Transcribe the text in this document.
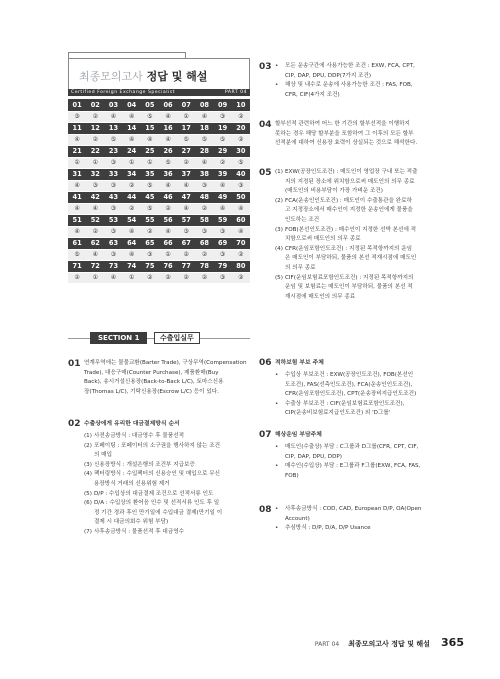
최종모의고사 정답 및 해설
Certified Foreign Exchange Specialist	PART 04
01	02	03	04	05	06	07	08	09	10
③	②	④	④	⑤	④	①	④	③	②
11	12	13	14	15	16	17	18	19	20
④	②	⑤	④	④	④	⑤	⑤	⑤	②
21	22	23	24	25	26	27	28	29	30
①	①	③	①	①	⑤	②	④	②	⑤
31	32	33	34	35	36	37	38	39	40
④	③	③	②	⑤	④	④	③	④	③
41	42	43	44	45	46	47	48	49	50
④	④	③	②	⑤	②	④	②	④	④
51	52	53	54	55	56	57	58	59	60
④	②	③	④	②	④	③	③	③	④
61	62	63	64	65	66	67	68	69	70
⑤	④	③	④	③	①	②	②	③	②
71	72	73	74	75	76	77	78	79	80
②	①	④	①	②	②	②	②	③	②
SECTION 1	수출입실무
01 연계무역에는 물물교환(Barter Trade), 구상무역(Compensation

Trade), 대응구매(Counter Purchase), 제품환매(Buy

Back), 송시거설신용장(Back-to-Back L/C), 토마스신용

장(Thomas L/C), 기탁신용장(Escrow L/C) 등이 있다.

02 수출상에게 유리한 대금결제방식 순서
(1) 사전송금방식 : 대금영수 후 물품선적

(2) 포페이팅 : 포페이터의 소구권을 행사하지 않는 조건

의 매입

(3) 신용장방식 : 개설은행의 조건부 지급보증

(4) 팩터링방식 : 수입팩터의 신용승인 및 매입으로 무신

용장방식 거래의 신용위험 제거

(5) D/P : 수입상의 대금결제 조건으로 선적서류 인도

(6) D/A : 수입상의 환어음 인수 및 선적서류 인도 후 일

정 기간 경과 후인 만기일에 수입대금 결제(만기일 이

결제 시 대금의회수 위험 부담)

(7) 사후송금방식 : 물품선적 후 대금영수

03 • 모든 운송구간에 사용가능한 조건 : EXW, FCA, CPT,

CIP, DAP, DPU, DDP(7가지 조건)

• 해상 및 내수로 운송에 사용가능한 조건 : FAS, FOB,

CFR, CIF(4가지 조건)

04 할부선적 관련하여 어느 한 기간의 할부선적을 이행하지

못하는 경우 해당 할부분을 포함하여 그 이후의 모든 할부

선적분에 대하여 신용장 효력이 상실되는 것으로 해석한다.

05 (1) EXW(공장인도조건) : 매도인이 영업장 구내 또는 적출

지의 지정된 장소에 위치함으로써 매도인의 의무 종료

(매도인의 비용부담이 가장 가벼운 조건)

(2) FCA(운송인인도조건) : 매도인이 수출통관을 완료하

고 지정장소에서 매수인이 지정한 운송인에게 물품을

인도하는 조건

(3) FOB(본선인도조건) : 매수인이 지정한 선박 본선에 적

치함으로써 매도인의 의무 종료

(4) CFR(운임포함인도조건) : 지정된 목적항까지의 운임

은 매도인이 부담하되, 물품의 본선 적재시점에 매도인

의 의무 종료

(5) CIF(운임보험료포함인도조건) : 지정된 목적항까지의

운임 및 보험료는 매도인이 부담하되, 물품의 본선 적

재시점에 매도인의 의무 종료

06 적하보험 부보 주체
• 수입상 부보조건 : EXW(공장인도조건), FOB(본선인

도조건), FAS(선측인도조건), FCA(운송인인도조건),

CFR(운임포함인도조건), CPT(운송장비지급인도조건)

• 수출상 부보조건 : CIF(운임보험료포함인도조건),

CIP(운송비보험료지급인도조건) 외 'D그룹'

07 해상운임 부담주체
• 매도인(수출상) 부담 : C그룹과 D그룹(CFR, CPT, CIF,

CIP, DAP, DPU, DDP)

• 매수인(수입상) 부담 : E그룹과 F그룹(EXW, FCA, FAS,

FOB)

08 • 사후송금방식 : COD, CAD, European D/P, OA(Open

Account)

• 추심방식 : D/P, D/A, D/P Usance

PART 04 최종모의고사 정답 및 해설 365
